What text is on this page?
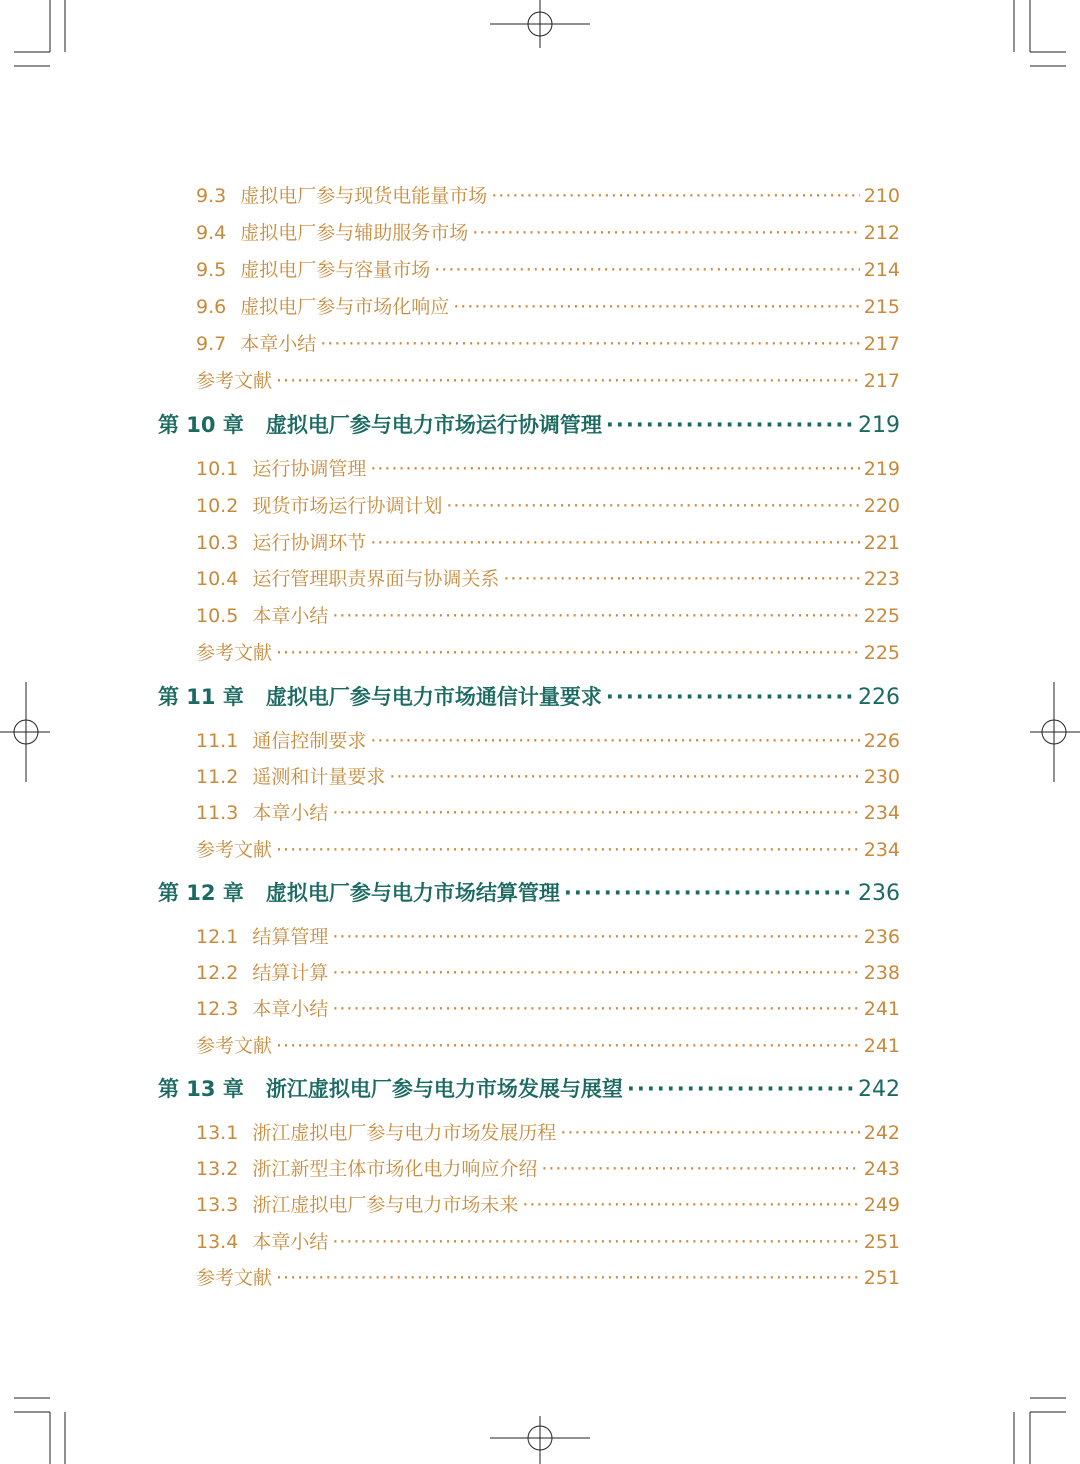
9.3 虚拟电厂参与现货电能量市场 ·····	210
9.4 虚拟电厂参与辅助服务市场 ·····	212
9.5 虚拟电厂参与容量市场 ·····	214
9.6 虚拟电厂参与市场化响应 ·····	215
9.7 本章小结 ·····	217
参考文献 ·····	217
第 10 章 虚拟电厂参与电力市场运行协调管理 ·····	219
10.1 运行协调管理 ·····	219
10.2 现货市场运行协调计划 ·····	220
10.3 运行协调环节 ·····	221
10.4 运行管理职责界面与协调关系 ·····	223
10.5 本章小结 ·····	225
参考文献 ·····	225
第 11 章 虚拟电厂参与电力市场通信计量要求 ·····	226
11.1 通信控制要求 ·····	226
11.2 遥测和计量要求 ·····	230
11.3 本章小结 ·····	234
参考文献 ·····	234
第 12 章 虚拟电厂参与电力市场结算管理 ·····	236
12.1 结算管理 ·····	236
12.2 结算计算 ·····	238
12.3 本章小结 ·····	241
参考文献 ·····	241
第 13 章 浙江虚拟电厂参与电力市场发展与展望 ·····	242
13.1 浙江虚拟电厂参与电力市场发展历程 ·····	242
13.2 浙江新型主体市场化电力响应介绍 ·····	243
13.3 浙江虚拟电厂参与电力市场未来 ·····	249
13.4 本章小结 ·····	251
参考文献 ·····	251
